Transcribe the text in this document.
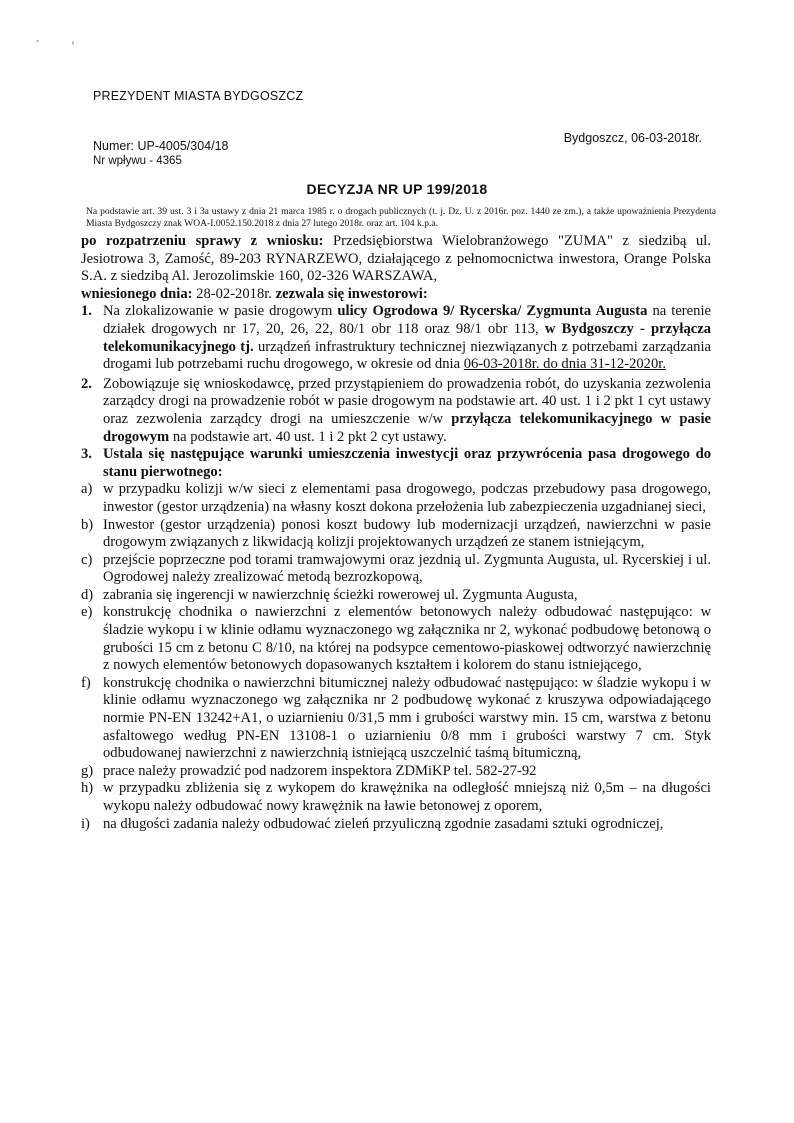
PREZYDENT MIASTA BYDGOSZCZ
Bydgoszcz, 06-03-2018r.
Numer: UP-4005/304/18
Nr wpływu - 4365
DECYZJA NR UP 199/2018
Na podstawie art. 39 ust. 3 i 3a ustawy z dnia 21 marca 1985 r. o drogach publicznych (t. j. Dz. U. z 2016r. poz. 1440 ze zm.), a także upoważnienia Prezydenta Miasta Bydgoszczy znak WOA-I.0052.150.2018 z dnia 27 lutego 2018r. oraz art. 104 k.p.a.
po rozpatrzeniu sprawy z wniosku: Przedsiębiorstwa Wielobranżowego "ZUMA" z siedzibą ul. Jesiotrowa 3, Zamość, 89-203 RYNARZEWO, działającego z pełnomocnictwa inwestora, Orange Polska S.A. z siedzibą Al. Jerozolimskie 160, 02-326 WARSZAWA,
wniesionego dnia: 28-02-2018r. zezwala się inwestorowi:
1. Na zlokalizowanie w pasie drogowym ulicy Ogrodowa 9/ Rycerska/ Zygmunta Augusta na terenie działek drogowych nr 17, 20, 26, 22, 80/1 obr 118 oraz 98/1 obr 113, w Bydgoszczy - przyłącza telekomunikacyjnego tj. urządzeń infrastruktury technicznej niezwiązanych z potrzebami zarządzania drogami lub potrzebami ruchu drogowego, w okresie od dnia 06-03-2018r. do dnia 31-12-2020r.
2. Zobowiązuje się wnioskodawcę, przed przystąpieniem do prowadzenia robót, do uzyskania zezwolenia zarządcy drogi na prowadzenie robót w pasie drogowym na podstawie art. 40 ust. 1 i 2 pkt 1 cyt ustawy oraz zezwolenia zarządcy drogi na umieszczenie w/w przyłącza telekomunikacyjnego w pasie drogowym na podstawie art. 40 ust. 1 i 2 pkt 2 cyt ustawy.
3. Ustala się następujące warunki umieszczenia inwestycji oraz przywrócenia pasa drogowego do stanu pierwotnego:
a) w przypadku kolizji w/w sieci z elementami pasa drogowego, podczas przebudowy pasa drogowego, inwestor (gestor urządzenia) na własny koszt dokona przełożenia lub zabezpieczenia uzgadnianej sieci,
b) Inwestor (gestor urządzenia) ponosi koszt budowy lub modernizacji urządzeń, nawierzchni w pasie drogowym związanych z likwidacją kolizji projektowanych urządzeń ze stanem istniejącym,
c) przejście poprzeczne pod torami tramwajowymi oraz jezdnią ul. Zygmunta Augusta, ul. Rycerskiej i ul. Ogrodowej należy zrealizować metodą bezrozkopową,
d) zabrania się ingerencji w nawierzchnię ścieżki rowerowej ul. Zygmunta Augusta,
e) konstrukcję chodnika o nawierzchni z elementów betonowych należy odbudować następująco: w śladzie wykopu i w klinie odłamu wyznaczonego wg załącznika nr 2, wykonać podbudowę betonową o grubości 15 cm z betonu C 8/10, na której na podsypce cementowo-piaskowej odtworzyć nawierzchnię z nowych elementów betonowych dopasowanych kształtem i kolorem do stanu istniejącego,
f) konstrukcję chodnika o nawierzchni bitumicznej należy odbudować następująco: w śladzie wykopu i w klinie odłamu wyznaczonego wg załącznika nr 2 podbudowę wykonać z kruszywa odpowiadającego normie PN-EN 13242+A1, o uziarnieniu 0/31,5 mm i grubości warstwy min. 15 cm, warstwa z betonu asfaltowego według PN-EN 13108-1 o uziarnieniu 0/8 mm i grubości warstwy 7 cm. Styk odbudowanej nawierzchni z nawierzchnią istniejącą uszczelnić taśmą bitumiczną,
g) prace należy prowadzić pod nadzorem inspektora ZDMiKP tel. 582-27-92
h) w przypadku zbliżenia się z wykopem do krawężnika na odległość mniejszą niż 0,5m – na długości wykopu należy odbudować nowy krawężnik na ławie betonowej z oporem,
i) na długości zadania należy odbudować zieleń przyuliczną zgodnie zasadami sztuki ogrodniczej,
